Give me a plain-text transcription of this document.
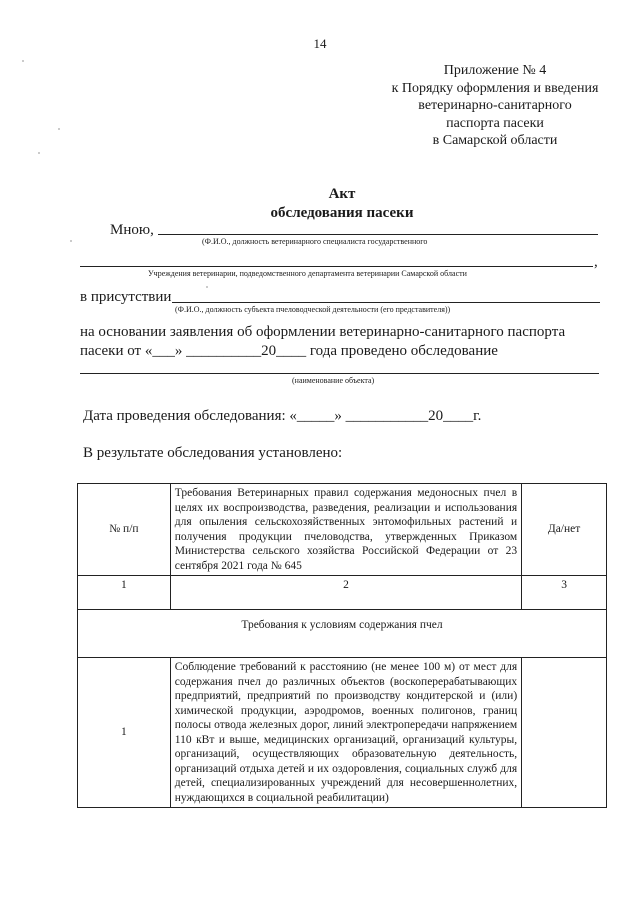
14
Приложение № 4
к Порядку оформления и введения
ветеринарно-санитарного
паспорта пасеки
в Самарской области
Акт
обследования пасеки
Мною,
(Ф.И.О., должность ветеринарного специалиста государственного
,
Учреждения ветеринарии, подведомственного департамента ветеринарии Самарской области
в присутствии
(Ф.И.О., должность субъекта пчеловодческой деятельности (его представителя))
на основании заявления об оформлении ветеринарно-санитарного паспорта
пасеки от «___» __________20____ года проведено обследование
(наименование объекта)
Дата проведения обследования: «_____» ___________20____г.
В результате обследования установлено:
№ п/п	Требования Ветеринарных правил содержания медоносных пчел в целях их воспроизводства, разведения, реализации и использования для опыления сельскохозяйственных энтомофильных растений и получения продукции пчеловодства, утвержденных Приказом Министерства сельского хозяйства Российской Федерации от 23 сентября 2021 года № 645	Да/нет
1	2	3
Требования к условиям содержания пчел		
1	Соблюдение требований к расстоянию (не менее 100 м) от мест для содержания пчел до различных объектов (воскоперерабатывающих предприятий, предприятий по производству кондитерской и (или) химической продукции, аэродромов, военных полигонов, границ полосы отвода железных дорог, линий электропередачи напряжением 110 кВт и выше, медицинских организаций, организаций культуры, организаций, осуществляющих образовательную деятельность, организаций отдыха детей и их оздоровления, социальных служб для детей, специализированных учреждений для несовершеннолетних, нуждающихся в социальной реабилитации)	
